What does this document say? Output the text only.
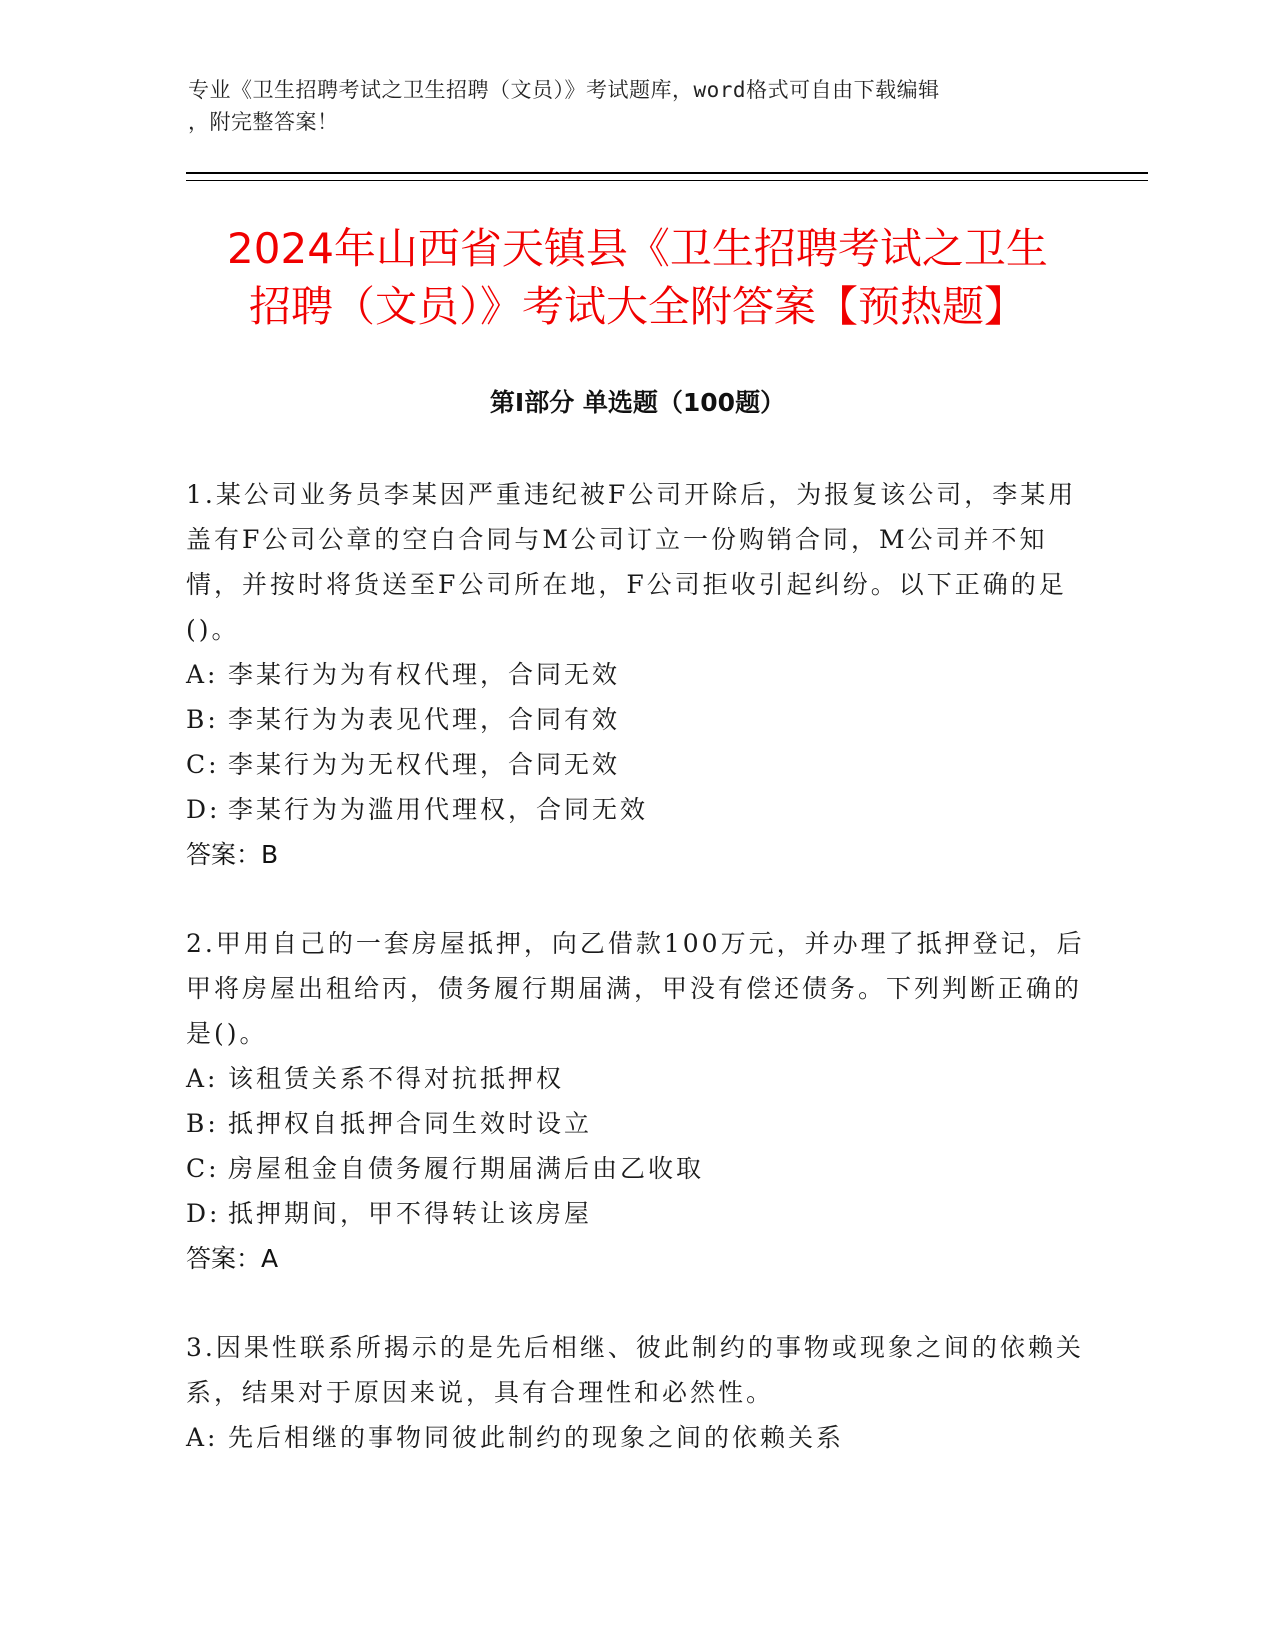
专业《卫生招聘考试之卫生招聘（文员）》考试题库，word格式可自由下载编辑
，附完整答案！
2024年山西省天镇县《卫生招聘考试之卫生
招聘（文员）》考试大全附答案【预热题】
第Ⅰ部分 单选题（100题）

1.某公司业务员李某因严重违纪被F公司开除后，为报复该公司，李某用盖有F公司公章的空白合同与M公司订立一份购销合同，M公司并不知情，并按时将货送至F公司所在地，F公司拒收引起纠纷。以下正确的足()。

A: 李某行为为有权代理，合同无效

B: 李某行为为表见代理，合同有效

C: 李某行为为无权代理，合同无效

D: 李某行为为滥用代理权，合同无效

答案：B

2.甲用自己的一套房屋抵押，向乙借款100万元，并办理了抵押登记，后甲将房屋出租给丙，债务履行期届满，甲没有偿还债务。下列判断正确的是()。

A: 该租赁关系不得对抗抵押权

B: 抵押权自抵押合同生效时设立

C: 房屋租金自债务履行期届满后由乙收取

D: 抵押期间，甲不得转让该房屋

答案：A

3.因果性联系所揭示的是先后相继、彼此制约的事物或现象之间的依赖关系，结果对于原因来说，具有合理性和必然性。

A: 先后相继的事物同彼此制约的现象之间的依赖关系
